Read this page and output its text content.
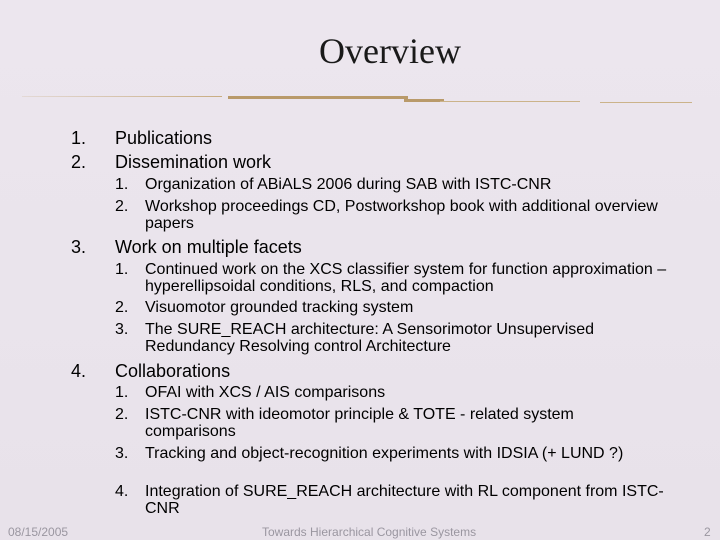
Overview
1. Publications
2. Dissemination work
1. Organization of ABiALS 2006 during SAB with ISTC-CNR
2. Workshop proceedings CD, Postworkshop book with additional overview papers
3. Work on multiple facets
1. Continued work on the XCS classifier system for function approximation – hyperellipsoidal conditions, RLS, and compaction
2. Visuomotor grounded tracking system
3. The SURE_REACH architecture: A Sensorimotor Unsupervised Redundancy Resolving control Architecture
4. Collaborations
1. OFAI with XCS / AIS comparisons
2. ISTC-CNR with ideomotor principle & TOTE - related system comparisons
3. Tracking and object-recognition experiments with IDSIA (+ LUND ?)
4. Integration of SURE_REACH architecture with RL component from ISTC-CNR
08/15/2005	Towards Hierarchical Cognitive Systems	2
